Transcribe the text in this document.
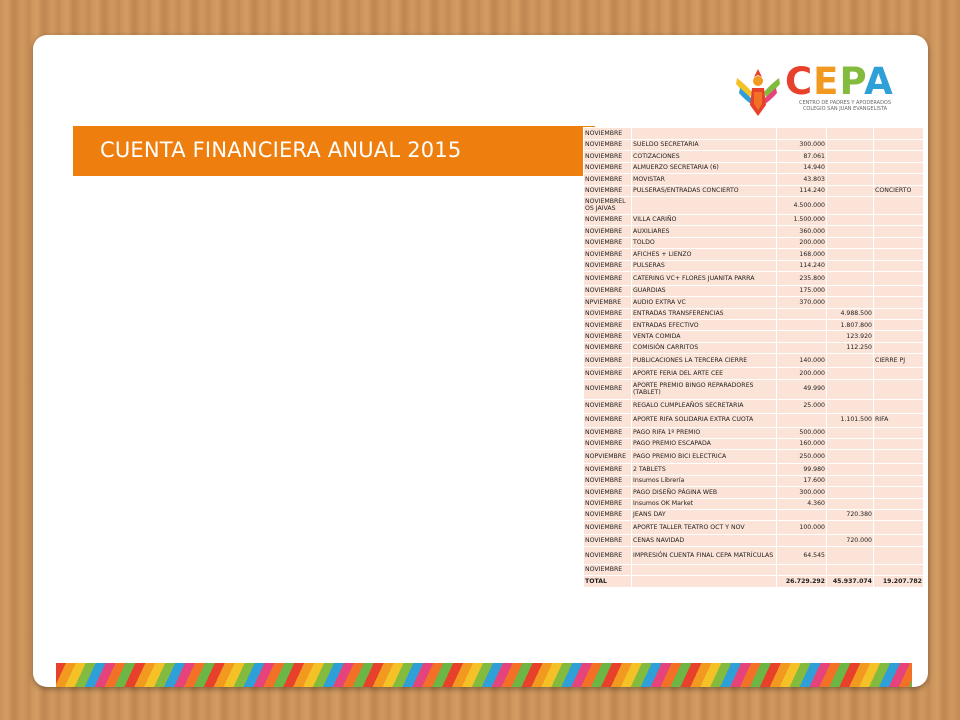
CEPA
CENTRO DE PADRES Y APODERADOS
COLEGIO SAN JUAN EVANGELISTA
CUENTA FINANCIERA ANUAL 2015
NOVIEMBRE				
NOVIEMBRE	SUELDO SECRETARIA	300.000		
NOVIEMBRE	COTIZACIONES	87.061		
NOVIEMBRE	ALMUERZO SECRETARIA (6)	14.940		
NOVIEMBRE	MOVISTAR	43.803		
NOVIEMBRE	PULSERAS/ENTRADAS CONCIERTO	114.240		CONCIERTO
NOVIEMBREL OS JAIVAS		4.500.000		
NOVIEMBRE	VILLA CARIÑO	1.500.000		
NOVIEMBRE	AUXILIARES	360.000		
NOVIEMBRE	TOLDO	200.000		
NOVIEMBRE	AFICHES + LIENZO	168.000		
NOVIEMBRE	PULSERAS	114.240		
NOVIEMBRE	CATERING VC+ FLORES JUANITA PARRA	235.800		
NOVIEMBRE	GUARDIAS	175.000		
NPVIEMBRE	AUDIO EXTRA VC	370.000		
NOVIEMBRE	ENTRADAS TRANSFERENCIAS		4.988.500	
NOVIEMBRE	ENTRADAS EFECTIVO		1.807.800	
NOVIEMBRE	VENTA COMIDA		123.920	
NOVIEMBRE	COMISIÓN CARRITOS		112.250	
NOVIEMBRE	PUBLICACIONES LA TERCERA CIERRE	140.000		CIERRE PJ
NOVIEMBRE	APORTE FERIA DEL ARTE CEE	200.000		
NOVIEMBRE	APORTE PREMIO BINGO REPARADORES (TABLET)	49.990		
NOVIEMBRE	REGALO CUMPLEAÑOS SECRETARIA	25.000		
NOVIEMBRE	APORTE RIFA SOLIDARIA EXTRA CUOTA		1.101.500	RIFA
NOVIEMBRE	PAGO RIFA 1º PREMIO	500.000		
NOVIEMBRE	PAGO PREMIO ESCAPADA	160.000		
NOPVIEMBRE	PAGO PREMIO BICI ELECTRICA	250.000		
NOVIEMBRE	2 TABLETS	99.980		
NOVIEMBRE	Insumos Librería	17.600		
NOVIEMBRE	PAGO DISEÑO PÁGINA WEB	300.000		
NOVIEMBRE	Insumos OK Market	4.360		
NOVIEMBRE	JEANS DAY		720.380	
NOVIEMBRE	APORTE TALLER TEATRO OCT Y NOV	100.000		
NOVIEMBRE	CENAS NAVIDAD		720.000	
NOVIEMBRE	IMPRESIÓN CUENTA FINAL CEPA MATRÍCULAS	64.545		
NOVIEMBRE				
TOTAL		26.729.292	45.937.074	19.207.782
